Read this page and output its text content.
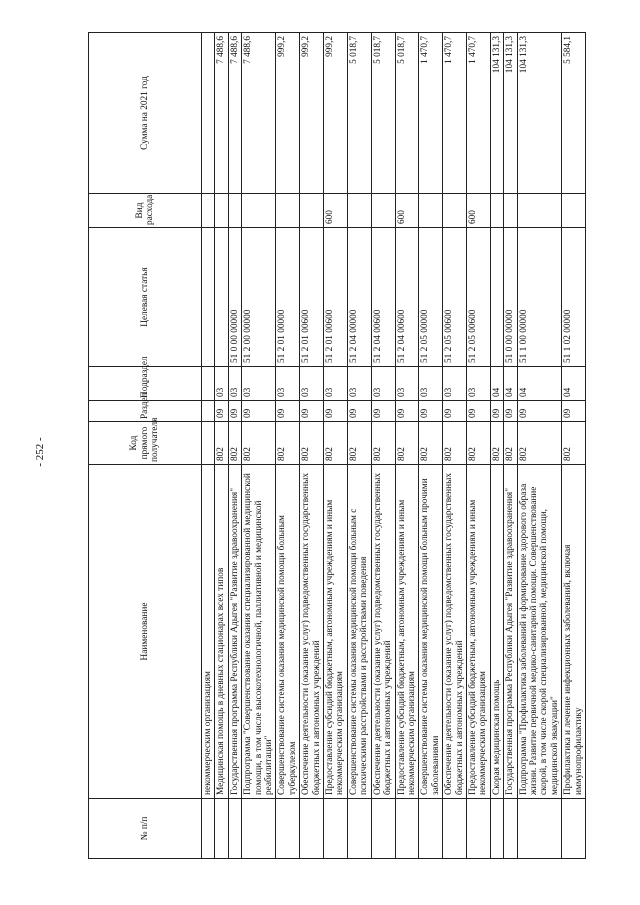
- 252 -
№ п/п	Наименование	Код прямого получателя	Раздел	Подраздел	Целевая статья	Вид расхода	Сумма на 2021 год
	некоммерческим организациям						
	Медицинская помощь в дневных стационарах всех типов	802	09	03			7 488,6
	Государственная программа Республики Адыгея "Развитие здравоохранения"	802	09	03	51 0 00 00000		7 488,6
	Подпрограмма "Совершенствование оказания специализированной медицинской помощи, в том числе высокотехнологичной, паллиативной и медицинской реабилитации"	802	09	03	51 2 00 00000		7 488,6
	Совершенствование системы оказания медицинской помощи больным туберкулезом	802	09	03	51 2 01 00000		999,2
	Обеспечение деятельности (оказание услуг) подведомственных государственных бюджетных и автономных учреждений	802	09	03	51 2 01 00600		999,2
	Предоставление субсидий бюджетным, автономным учреждениям и иным некоммерческим организациям	802	09	03	51 2 01 00600	600	999,2
	Совершенствование системы оказания медицинской помощи больным с психическими расстройствами и расстройствами поведения	802	09	03	51 2 04 00000		5 018,7
	Обеспечение деятельности (оказание услуг) подведомственных государственных бюджетных и автономных учреждений	802	09	03	51 2 04 00600		5 018,7
	Предоставление субсидий бюджетным, автономным учреждениям и иным некоммерческим организациям	802	09	03	51 2 04 00600	600	5 018,7
	Совершенствование системы оказания медицинской помощи больным прочими заболеваниями	802	09	03	51 2 05 00000		1 470,7
	Обеспечение деятельности (оказание услуг) подведомственных государственных бюджетных и автономных учреждений	802	09	03	51 2 05 00600		1 470,7
	Предоставление субсидий бюджетным, автономным учреждениям и иным некоммерческим организациям	802	09	03	51 2 05 00600	600	1 470,7
	Скорая медицинская помощь	802	09	04			104 131,3
	Государственная программа Республики Адыгея "Развитие здравоохранения"	802	09	04	51 0 00 00000		104 131,3
	Подпрограмма "Профилактика заболеваний и формирование здорового образа жизни. Развитие первичной медико-санитарной помощи. Совершенствование скорой, в том числе скорой специализированной, медицинской помощи, медицинской эвакуации"	802	09	04	51 1 00 00000		104 131,3
	Профилактика и лечение инфекционных заболеваний, включая иммунопрофилактику	802	09	04	51 1 02 00000		5 584,1
